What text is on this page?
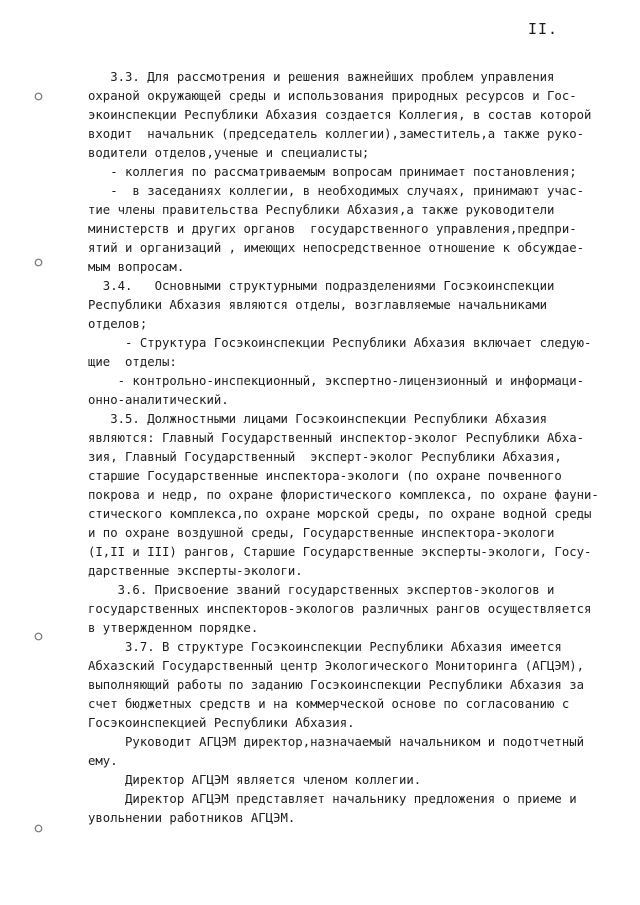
II.
3.3. Для рассмотрения и решения важнейших проблем управления
охраной окружающей среды и использования природных ресурсов и Гос-
экоинспекции Республики Абхазия создается Коллегия, в состав которой
входит  начальник (председатель коллегии),заместитель,а также руко-
водители отделов,ученые и специалисты;
- коллегия по рассматриваемым вопросам принимает постановления;
-  в заседаниях коллегии, в необходимых случаях, принимают учас-
тие члены правительства Республики Абхазия,а также руководители
министерств и других органов  государственного управления,предпри-
ятий и организаций , имеющих непосредственное отношение к обсуждае-
мым вопросам.
3.4.   Основными структурными подразделениями Госэкоинспекции
Республики Абхазия являются отделы, возглавляемые начальниками
отделов;
- Структура Госэкоинспекции Республики Абхазия включает следую-
щие  отделы:
- контрольно-инспекционный, экспертно-лицензионный и информаци-
онно-аналитический.
3.5. Должностными лицами Госэкоинспекции Республики Абхазия
являются: Главный Государственный инспектор-эколог Республики Абха-
зия, Главный Государственный  эксперт-эколог Республики Абхазия,
старшие Государственные инспектора-экологи (по охране почвенного
покрова и недр, по охране флористического комплекса, по охране фауни-
стического комплекса,по охране морской среды, по охране водной среды
и по охране воздушной среды, Государственные инспектора-экологи
(I,II и III) рангов, Старшие Государственные эксперты-экологи, Госу-
дарственные эксперты-экологи.
3.6. Присвоение званий государственных экспертов-экологов и
государственных инспекторов-экологов различных рангов осуществляется
в утвержденном порядке.
3.7. В структуре Госэкоинспекции Республики Абхазия имеется
Абхазский Государственный центр Экологического Мониторинга (АГЦЭМ),
выполняющий работы по заданию Госэкоинспекции Республики Абхазия за
счет бюджетных средств и на коммерческой основе по согласованию с
Госэкоинспекцией Республики Абхазия.
Руководит АГЦЭМ директор,назначаемый начальником и подотчетный
ему.
Директор АГЦЭМ является членом коллегии.
Директор АГЦЭМ представляет начальнику предложения о приеме и
увольнении работников АГЦЭМ.
